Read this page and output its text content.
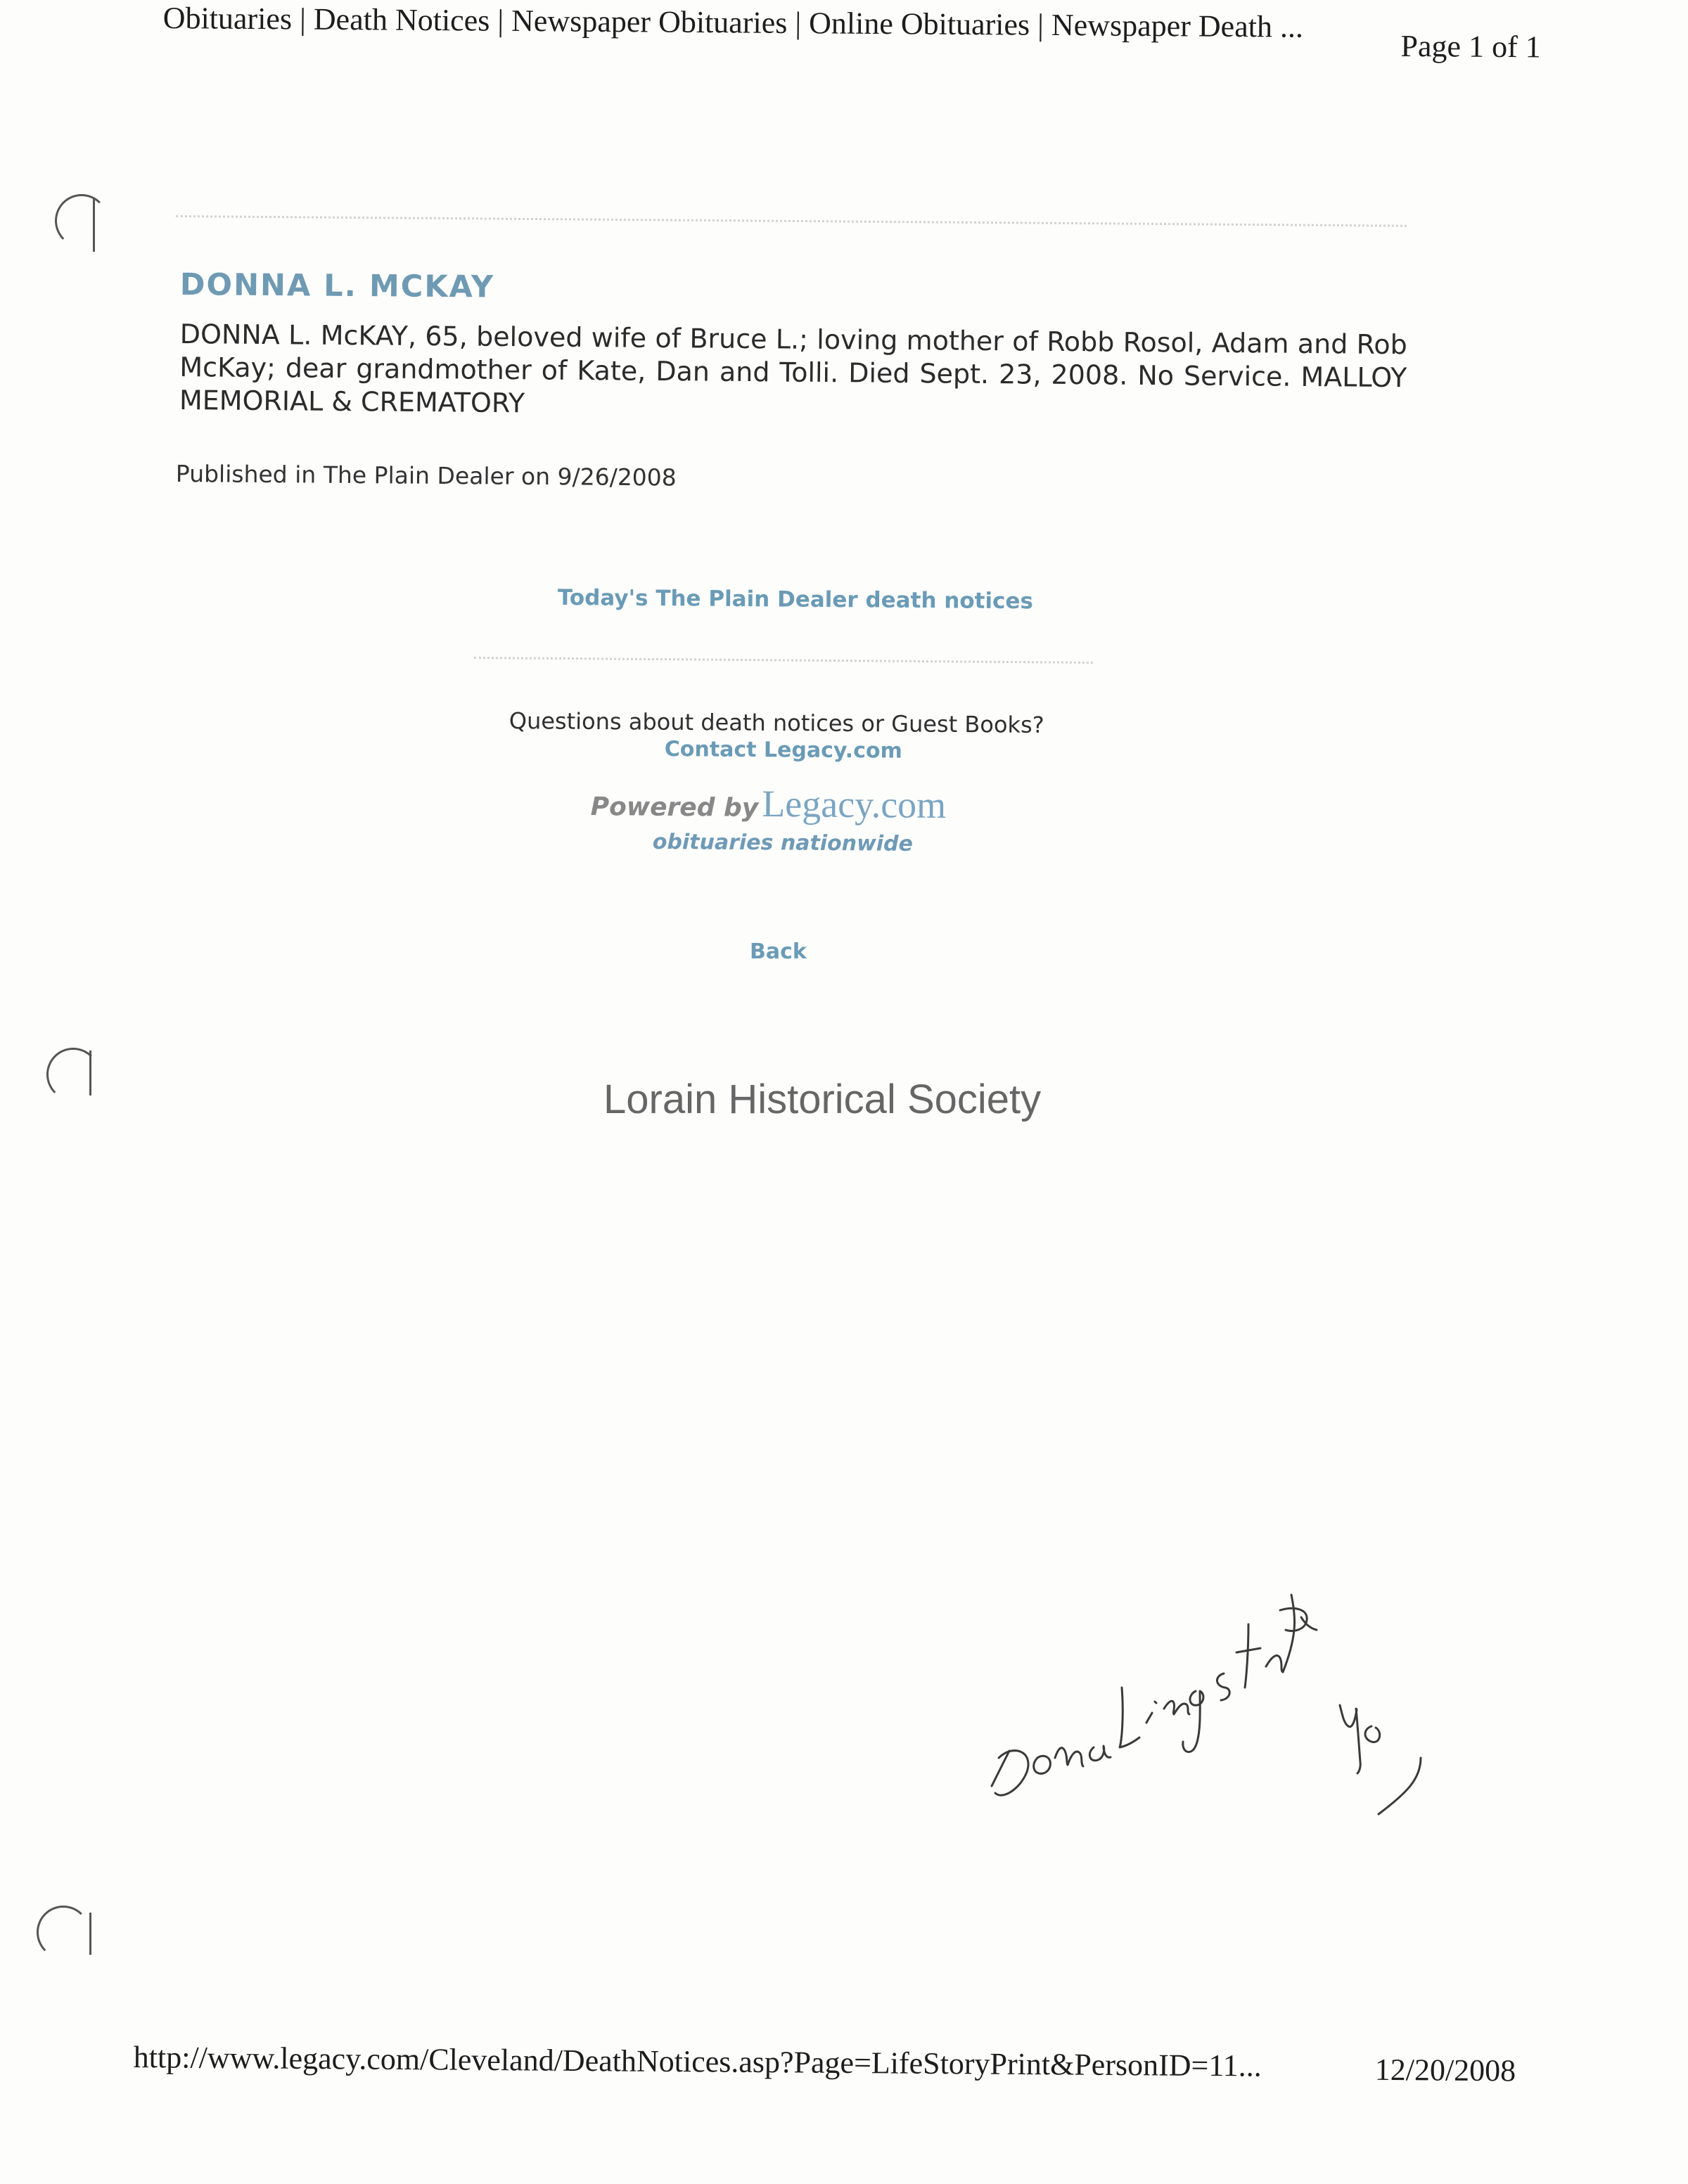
Obituaries | Death Notices | Newspaper Obituaries | Online Obituaries | Newspaper Death ...
Page 1 of 1
DONNA L. MCKAY
DONNA L. McKAY, 65, beloved wife of Bruce L.; loving mother of Robb Rosol, Adam and Rob McKay; dear grandmother of Kate, Dan and Tolli. Died Sept. 23, 2008. No Service. MALLOY MEMORIAL & CREMATORY
Published in The Plain Dealer on 9/26/2008
Today's The Plain Dealer death notices
Questions about death notices or Guest Books?
Contact Legacy.com
Powered by Legacy.com
obituaries nationwide
Back
Lorain Historical Society
http://www.legacy.com/Cleveland/DeathNotices.asp?Page=LifeStoryPrint&PersonID=11...	12/20/2008
